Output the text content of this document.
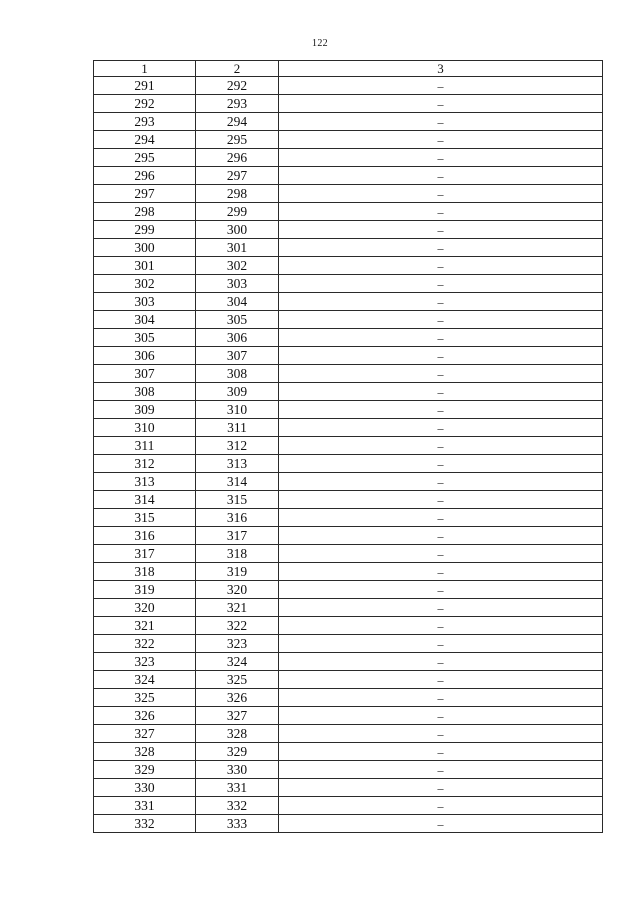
122
1	2	3
291	292	–
292	293	–
293	294	–
294	295	–
295	296	–
296	297	–
297	298	–
298	299	–
299	300	–
300	301	–
301	302	–
302	303	–
303	304	–
304	305	–
305	306	–
306	307	–
307	308	–
308	309	–
309	310	–
310	311	–
311	312	–
312	313	–
313	314	–
314	315	–
315	316	–
316	317	–
317	318	–
318	319	–
319	320	–
320	321	–
321	322	–
322	323	–
323	324	–
324	325	–
325	326	–
326	327	–
327	328	–
328	329	–
329	330	–
330	331	–
331	332	–
332	333	–
